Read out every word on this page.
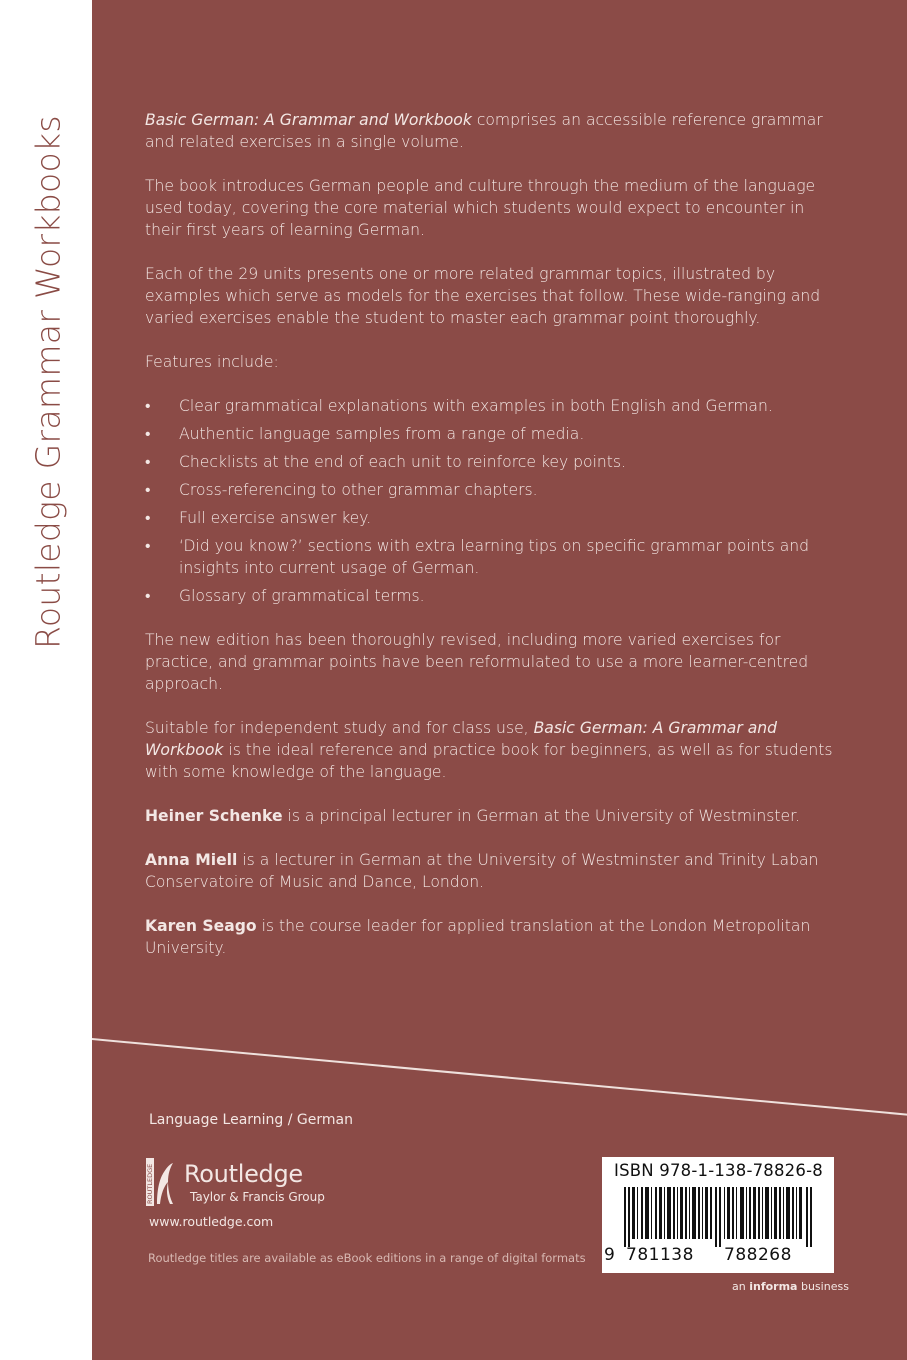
Routledge Grammar Workbooks	Basic German: A Grammar and Workbook comprises an accessible reference grammar and related exercises in a single volume.

The book introduces German people and culture through the medium of the language used today, covering the core material which students would expect to encounter in their first years of learning German.

Each of the 29 units presents one or more related grammar topics, illustrated by examples which serve as models for the exercises that follow. These wide-ranging and varied exercises enable the student to master each grammar point thoroughly.

Features include:

• Clear grammatical explanations with examples in both English and German.
• Authentic language samples from a range of media.
• Checklists at the end of each unit to reinforce key points.
• Cross-referencing to other grammar chapters.
• Full exercise answer key.
• ‘Did you know?’ sections with extra learning tips on specific grammar points and insights into current usage of German.
• Glossary of grammatical terms.

The new edition has been thoroughly revised, including more varied exercises for practice, and grammar points have been reformulated to use a more learner-centred approach.

Suitable for independent study and for class use, Basic German: A Grammar and Workbook is the ideal reference and practice book for beginners, as well as for students with some knowledge of the language.

Heiner Schenke is a principal lecturer in German at the University of Westminster.

Anna Miell is a lecturer in German at the University of Westminster and Trinity Laban Conservatoire of Music and Dance, London.

Karen Seago is the course leader for applied translation at the London Metropolitan University.

Language Learning / German
ROUTLEDGE Routledge
Taylor & Francis Group
www.routledge.com
Routledge titles are available as eBook editions in a range of digital formats
ISBN 978-1-138-78826-8
9 781138 788268
an informa business
